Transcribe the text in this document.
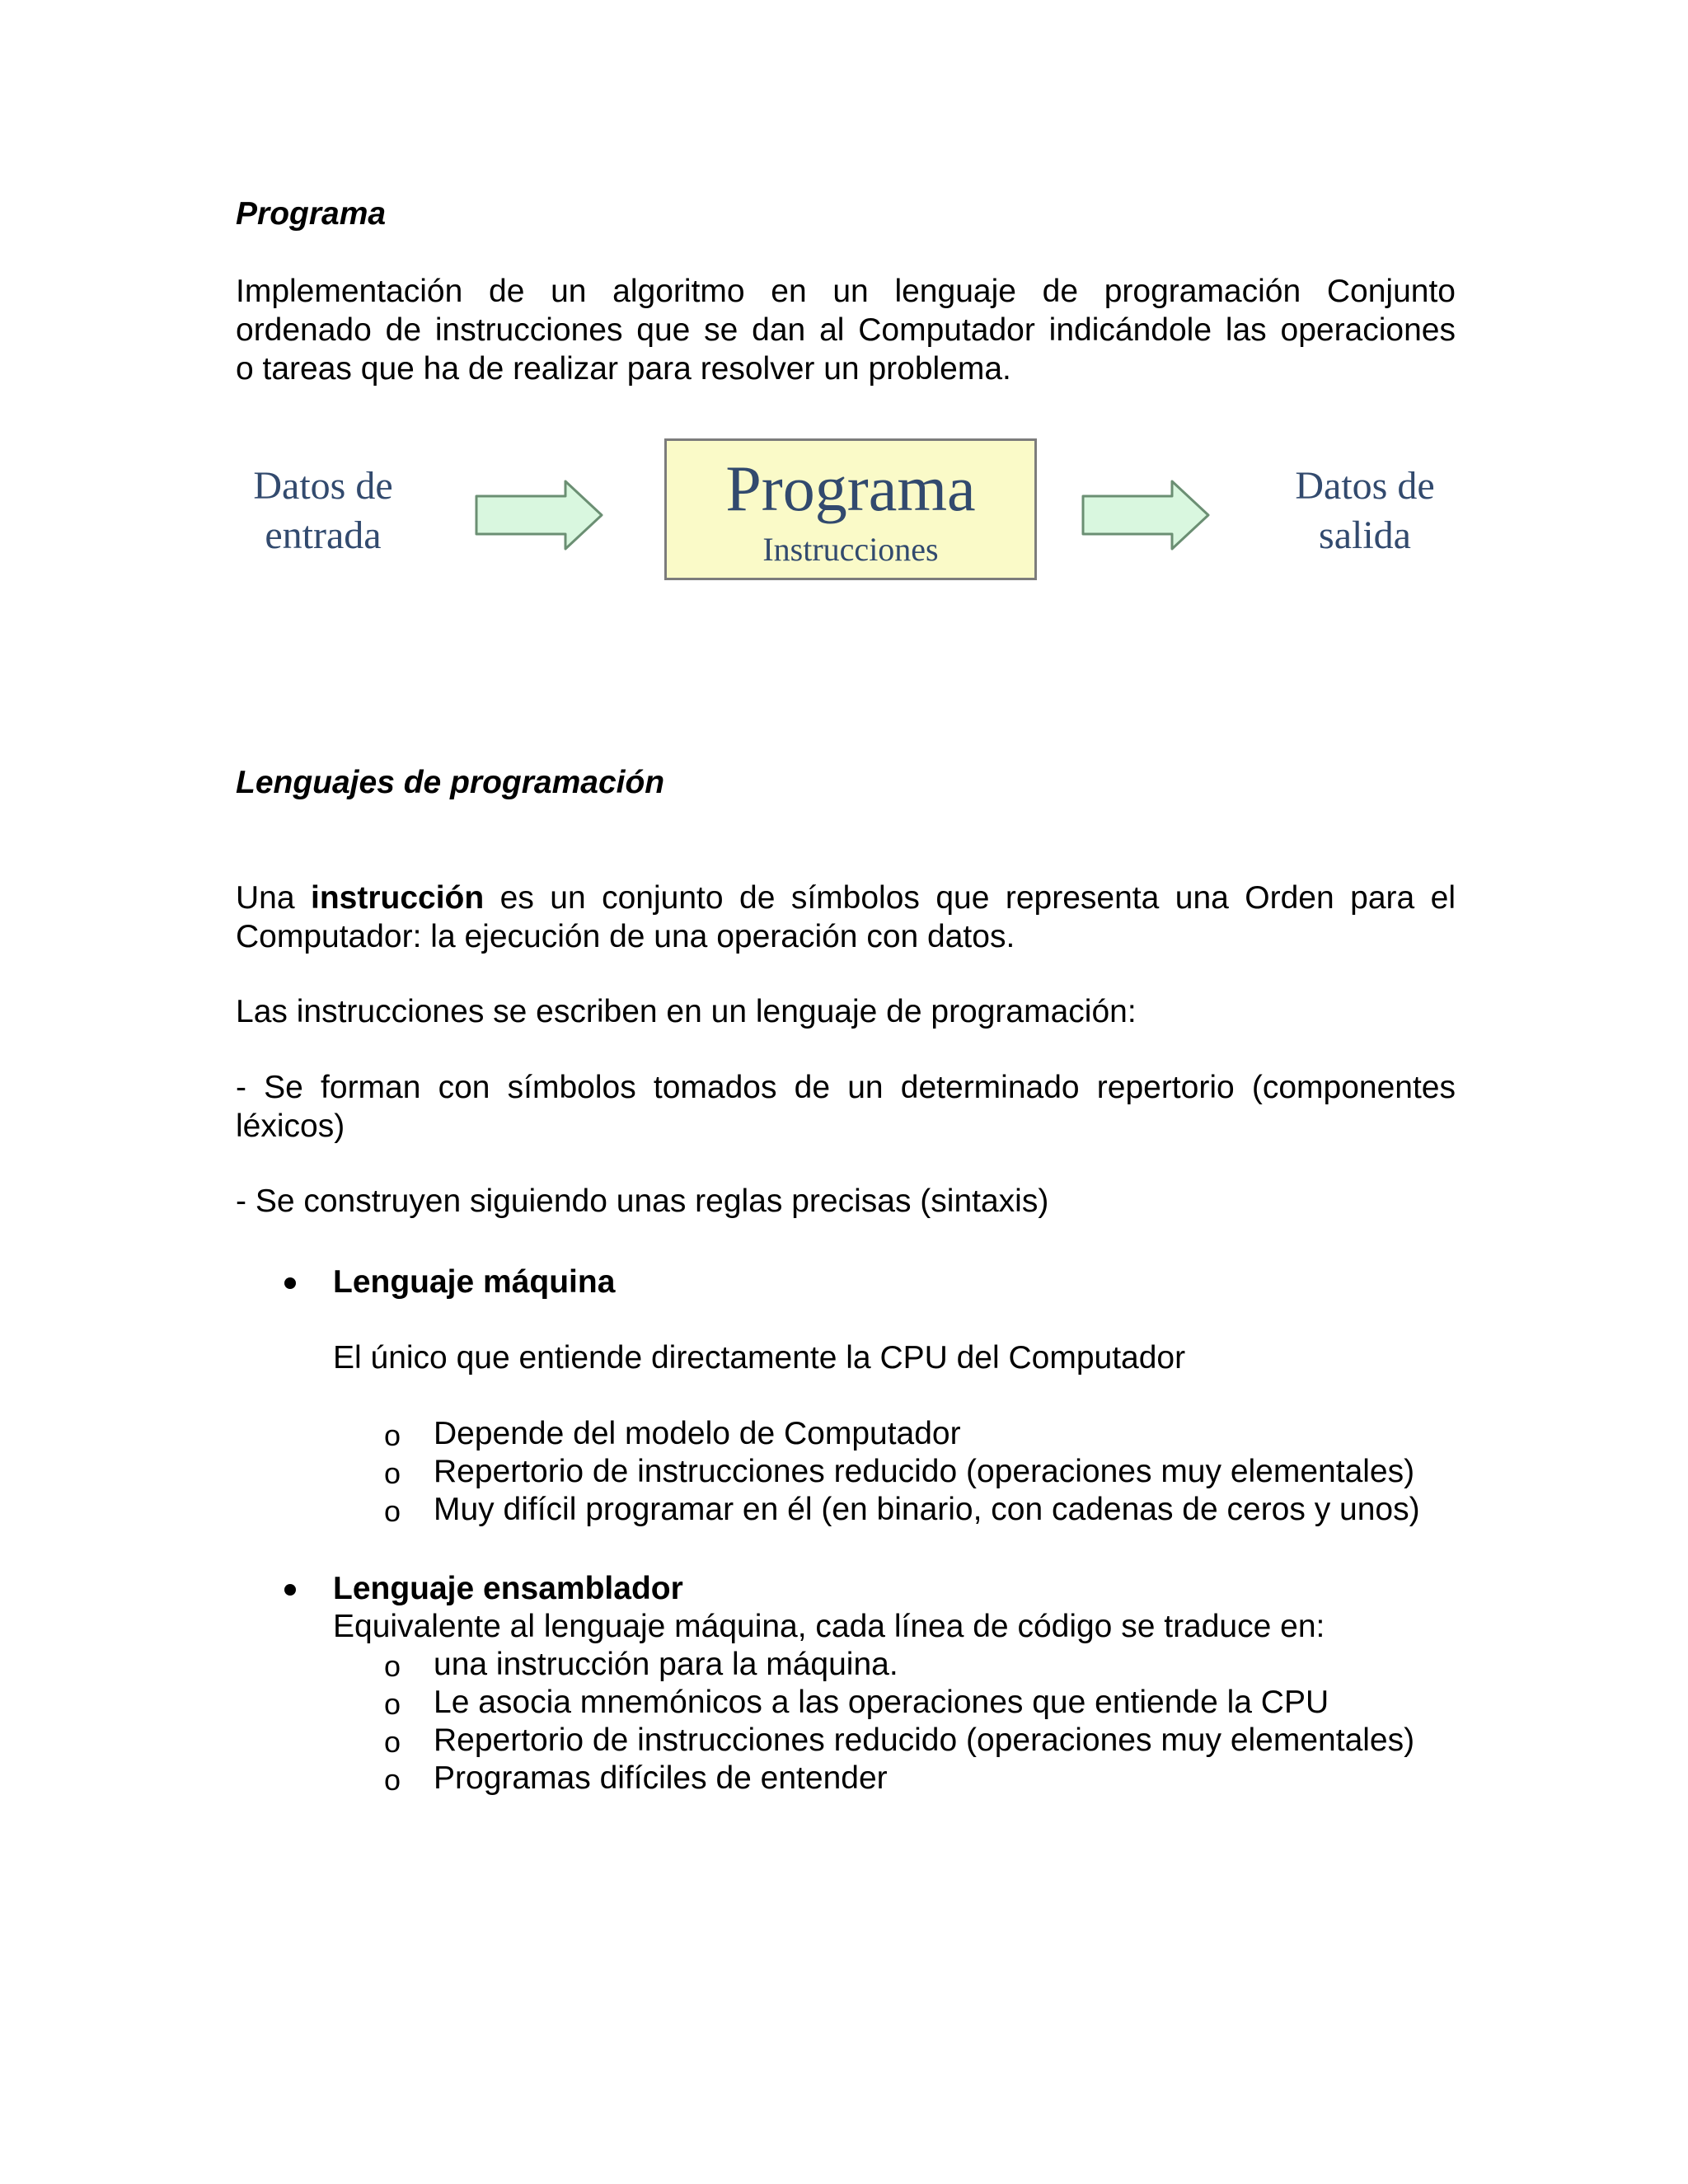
Programa
Implementación de un algoritmo en un lenguaje de programación Conjunto
ordenado de instrucciones que se dan al Computador indicándole las operaciones
o tareas que ha de realizar para resolver un problema.
Datos de
entrada
Programa
Instrucciones
Datos de
salida
Lenguajes de programación
Una instrucción es un conjunto de símbolos que representa una Orden para el
Computador: la ejecución de una operación con datos.
Las instrucciones se escriben en un lenguaje de programación:
- Se forman con símbolos tomados de un determinado repertorio (componentes
léxicos)
- Se construyen siguiendo unas reglas precisas (sintaxis)
Lenguaje máquina
El único que entiende directamente la CPU del Computador
o Depende del modelo de Computador
o Repertorio de instrucciones reducido (operaciones muy elementales)
o Muy difícil programar en él (en binario, con cadenas de ceros y unos)
Lenguaje ensamblador
Equivalente al lenguaje máquina, cada línea de código se traduce en:
o una instrucción para la máquina.
o Le asocia mnemónicos a las operaciones que entiende la CPU
o Repertorio de instrucciones reducido (operaciones muy elementales)
o Programas difíciles de entender
